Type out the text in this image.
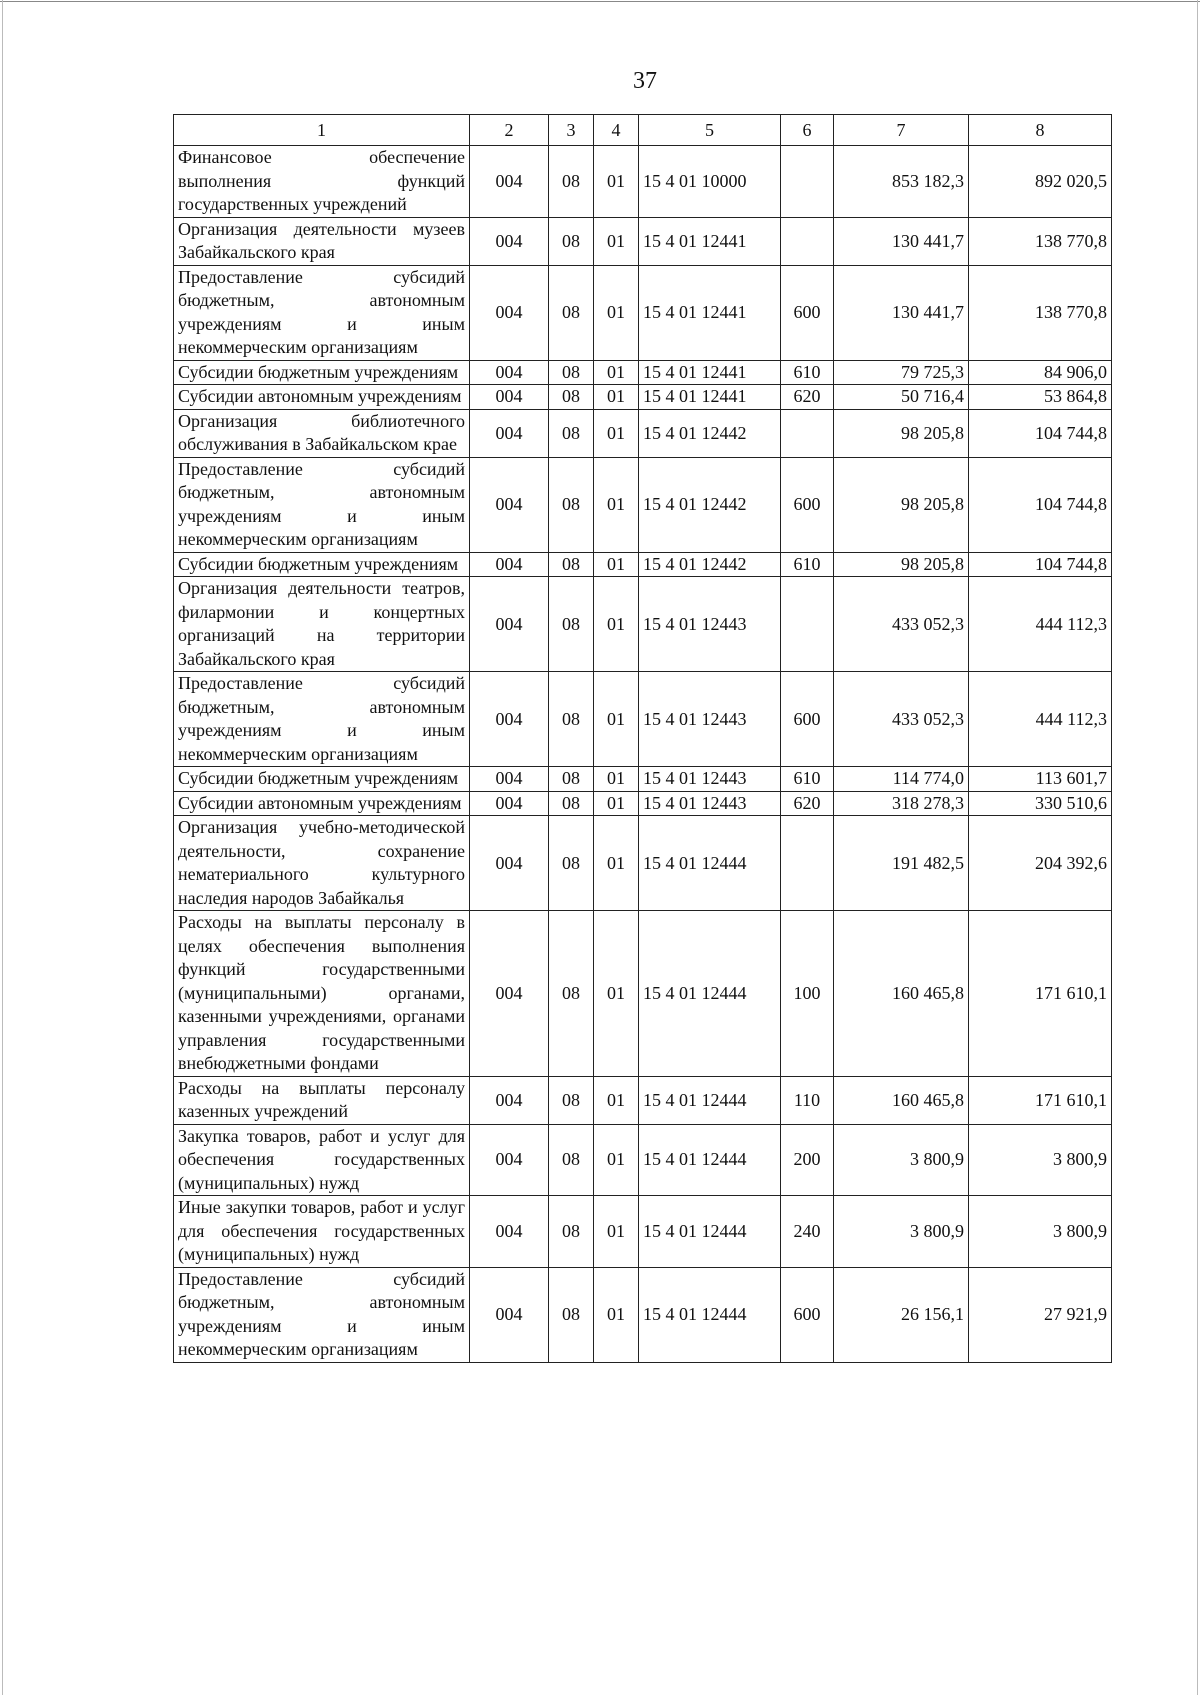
37
1	2	3	4	5	6	7	8
Финансовое обеспечение выполнения функций государственных учреждений	004	08	01	15 4 01 10000		853 182,3	892 020,5
Организация деятельности музеев Забайкальского края	004	08	01	15 4 01 12441		130 441,7	138 770,8
Предоставление субсидий бюджетным, автономным учреждениям и иным некоммерческим организациям	004	08	01	15 4 01 12441	600	130 441,7	138 770,8
Субсидии бюджетным учреждениям	004	08	01	15 4 01 12441	610	79 725,3	84 906,0
Субсидии автономным учреждениям	004	08	01	15 4 01 12441	620	50 716,4	53 864,8
Организация библиотечного обслуживания в Забайкальском крае	004	08	01	15 4 01 12442		98 205,8	104 744,8
Предоставление субсидий бюджетным, автономным учреждениям и иным некоммерческим организациям	004	08	01	15 4 01 12442	600	98 205,8	104 744,8
Субсидии бюджетным учреждениям	004	08	01	15 4 01 12442	610	98 205,8	104 744,8
Организация деятельности театров, филармонии и концертных организаций на территории Забайкальского края	004	08	01	15 4 01 12443		433 052,3	444 112,3
Предоставление субсидий бюджетным, автономным учреждениям и иным некоммерческим организациям	004	08	01	15 4 01 12443	600	433 052,3	444 112,3
Субсидии бюджетным учреждениям	004	08	01	15 4 01 12443	610	114 774,0	113 601,7
Субсидии автономным учреждениям	004	08	01	15 4 01 12443	620	318 278,3	330 510,6
Организация учебно-методической деятельности, сохранение нематериального культурного наследия народов Забайкалья	004	08	01	15 4 01 12444		191 482,5	204 392,6
Расходы на выплаты персоналу в целях обеспечения выполнения функций государственными (муниципальными) органами, казенными учреждениями, органами управления государственными внебюджетными фондами	004	08	01	15 4 01 12444	100	160 465,8	171 610,1
Расходы на выплаты персоналу казенных учреждений	004	08	01	15 4 01 12444	110	160 465,8	171 610,1
Закупка товаров, работ и услуг для обеспечения государственных (муниципальных) нужд	004	08	01	15 4 01 12444	200	3 800,9	3 800,9
Иные закупки товаров, работ и услуг для обеспечения государственных (муниципальных) нужд	004	08	01	15 4 01 12444	240	3 800,9	3 800,9
Предоставление субсидий бюджетным, автономным учреждениям и иным некоммерческим организациям	004	08	01	15 4 01 12444	600	26 156,1	27 921,9
